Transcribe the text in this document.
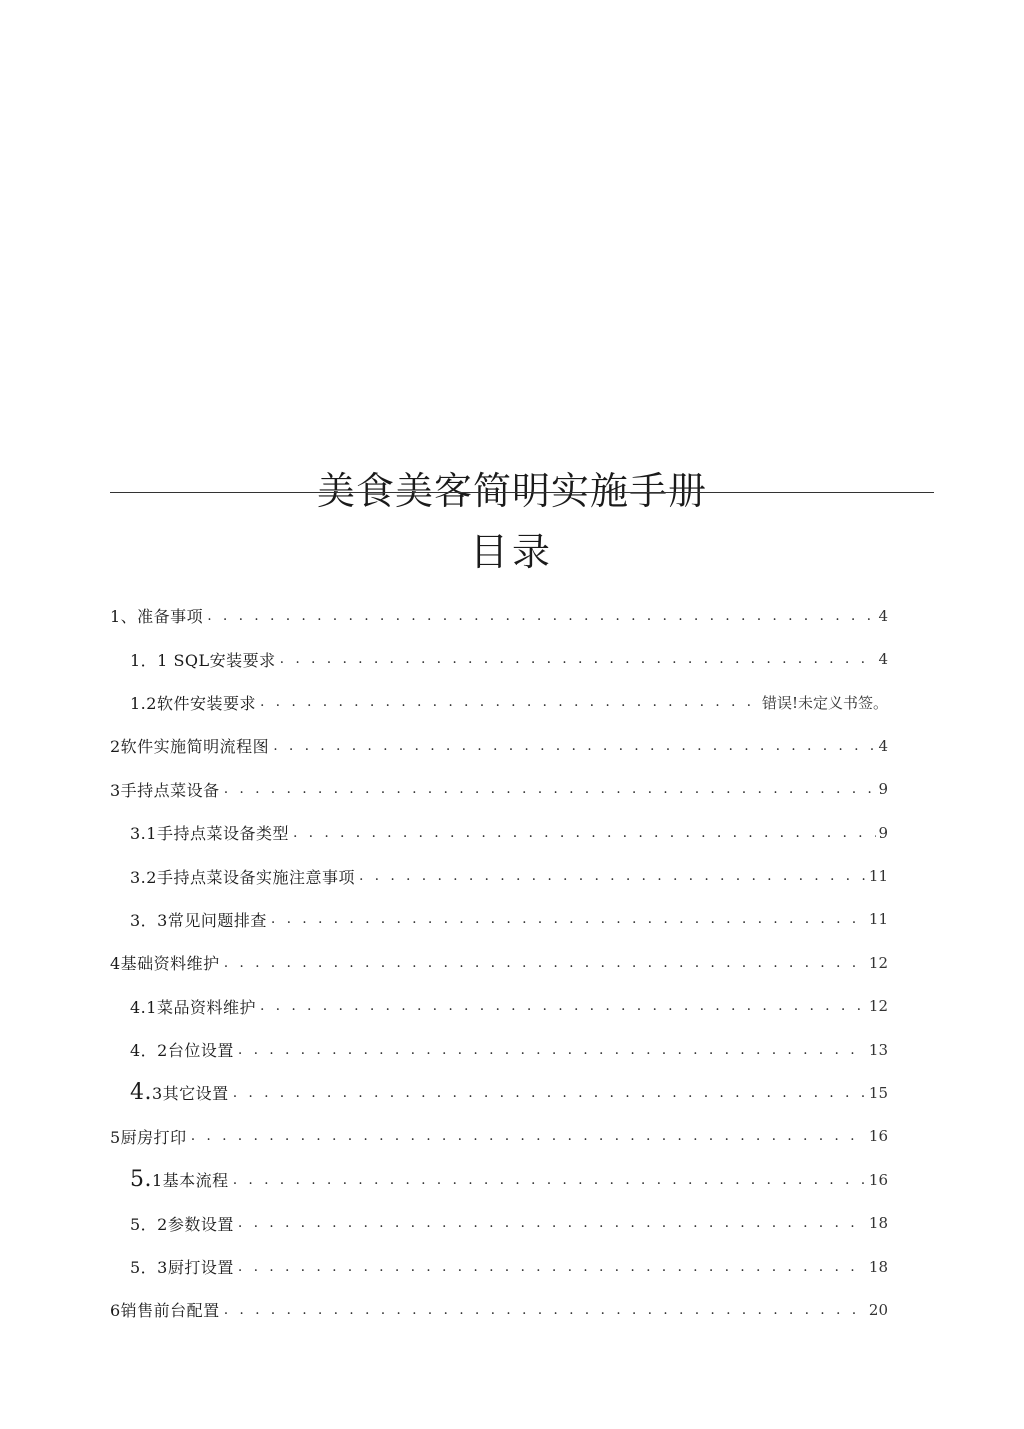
美食美客简明实施手册
目录
1、准备事项 . . .	4
1．1 SQL安装要求 . . .	4
1.2软件安装要求 . . .	错误!未定义书签。
2软件实施简明流程图 . . .	4
3手持点菜设备 . . .	9
3.1手持点菜设备类型 . . .	9
3.2手持点菜设备实施注意事项 . . .	11
3．3常见问题排查 . . .	11
4基础资料维护 . . .	12
4.1菜品资料维护 . . .	12
4．2台位设置 . . .	13
4.3其它设置 . . .	15
5厨房打印 . . .	16
5.1基本流程 . . .	16
5．2参数设置 . . .	18
5．3厨打设置 . . .	18
6销售前台配置 . . .	20
